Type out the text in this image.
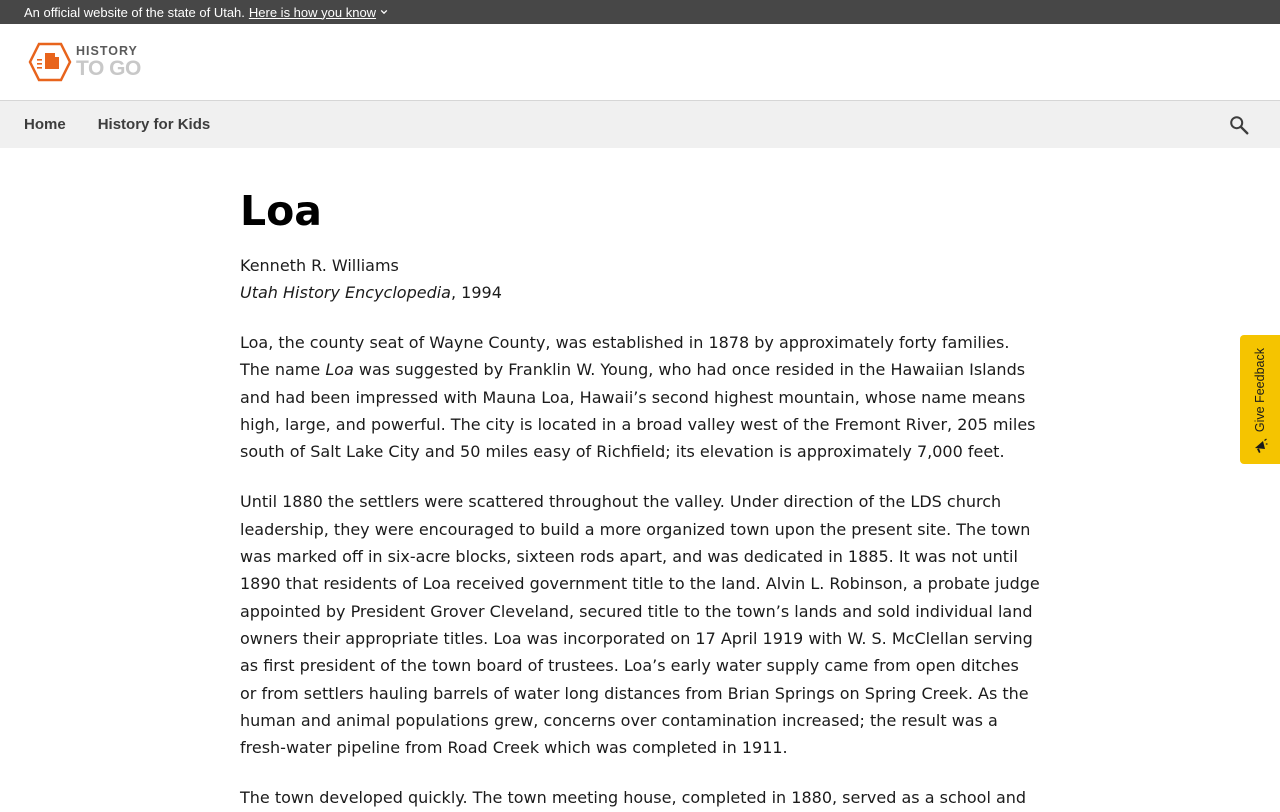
An official website of the state of Utah. Here is how you know
HISTORY
TO GO
Home History for Kids
Loa
Kenneth R. Williams
Utah History Encyclopedia, 1994

Loa, the county seat of Wayne County, was established in 1878 by approximately forty families. The name Loa was suggested by Franklin W. Young, who had once resided in the Hawaiian Islands and had been impressed with Mauna Loa, Hawaii’s second highest mountain, whose name means high, large, and powerful. The city is located in a broad valley west of the Fremont River, 205 miles south of Salt Lake City and 50 miles easy of Richfield; its elevation is approximately 7,000 feet.

Until 1880 the settlers were scattered throughout the valley. Under direction of the LDS church leadership, they were encouraged to build a more organized town upon the present site. The town was marked off in six-acre blocks, sixteen rods apart, and was dedicated in 1885. It was not until 1890 that residents of Loa received government title to the land. Alvin L. Robinson, a probate judge appointed by President Grover Cleveland, secured title to the town’s lands and sold individual land owners their appropriate titles. Loa was incorporated on 17 April 1919 with W. S. McClellan serving as first president of the town board of trustees. Loa’s early water supply came from open ditches or from settlers hauling barrels of water long distances from Brian Springs on Spring Creek. As the human and animal populations grew, concerns over contamination increased; the result was a fresh-water pipeline from Road Creek which was completed in 1911.

The town developed quickly. The town meeting house, completed in 1880, served as a school and

Give Feedback
